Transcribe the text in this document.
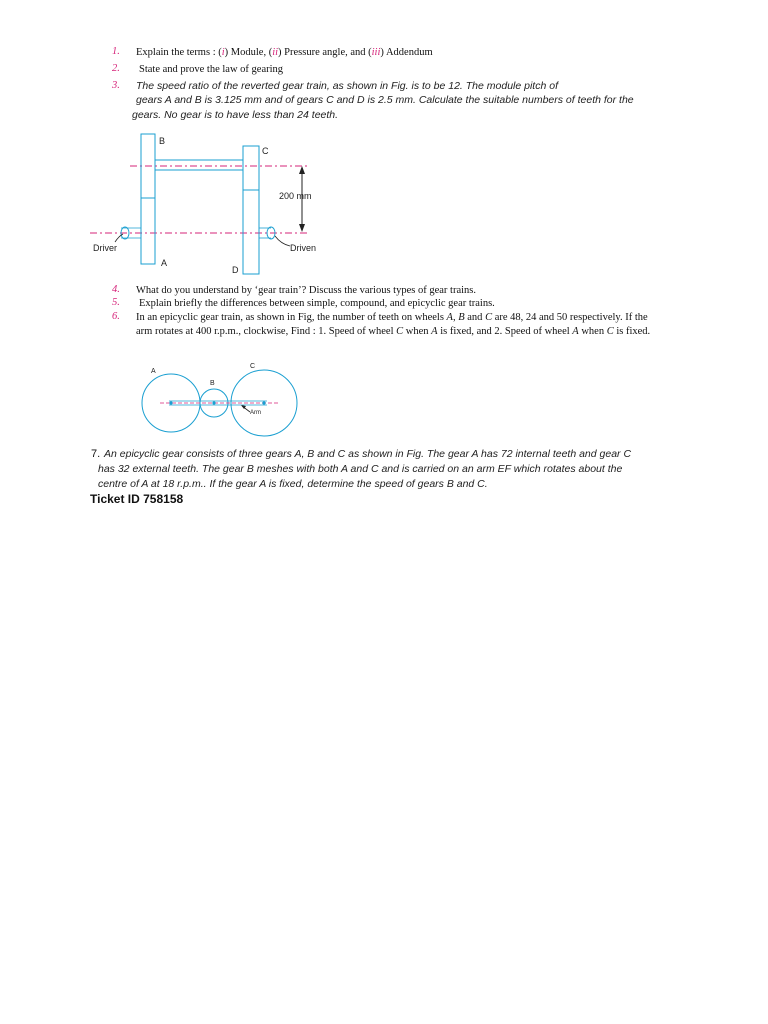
1. Explain the terms : (i) Module, (ii) Pressure angle, and (iii) Addendum
2. State and prove the law of gearing
3. The speed ratio of the reverted gear train, as shown in Fig. is to be 12. The module pitch of
gears A and B is 3.125 mm and of gears C and D is 2.5 mm. Calculate the suitable numbers of teeth for the
gears. No gear is to have less than 24 teeth.
B
C
A
D
200 mm
Driver	Driven
4. What do you understand by ‘gear train’? Discuss the various types of gear trains.
5. Explain briefly the differences between simple, compound, and epicyclic gear trains.
6. In an epicyclic gear train, as shown in Fig, the number of teeth on wheels A, B and C are 48, 24 and 50 respectively. If the
arm rotates at 400 r.p.m., clockwise, Find : 1. Speed of wheel C when A is fixed, and 2. Speed of wheel A when C is fixed.
A
B
C
Arm
7. An epicyclic gear consists of three gears A, B and C as shown in Fig. The gear A has 72 internal teeth and gear C
has 32 external teeth. The gear B meshes with both A and C and is carried on an arm EF which rotates about the
centre of A at 18 r.p.m.. If the gear A is fixed, determine the speed of gears B and C.
Ticket ID 758158
